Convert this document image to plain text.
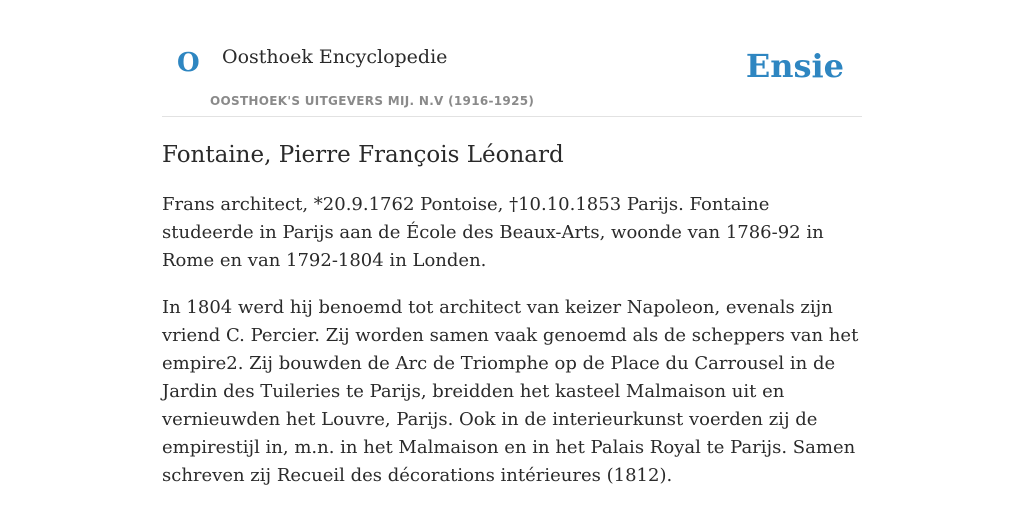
O Oosthoek Encyclopedie
OOSTHOEK'S UITGEVERS MIJ. N.V (1916-1925)
Ensie
Fontaine, Pierre François Léonard

Frans architect, *20.9.1762 Pontoise, †10.10.1853 Parijs. Fontaine studeerde in Parijs aan de École des Beaux-Arts, woonde van 1786-92 in Rome en van 1792-1804 in Londen.

In 1804 werd hij benoemd tot architect van keizer Napoleon, evenals zijn vriend C. Percier. Zij worden samen vaak genoemd als de scheppers van het empire2. Zij bouwden de Arc de Triomphe op de Place du Carrousel in de Jardin des Tuileries te Parijs, breidden het kasteel Malmaison uit en vernieuwden het Louvre, Parijs. Ook in de interieurkunst voerden zij de empirestijl in, m.n. in het Malmaison en in het Palais Royal te Parijs. Samen schreven zij Recueil des décorations intérieures (1812).
